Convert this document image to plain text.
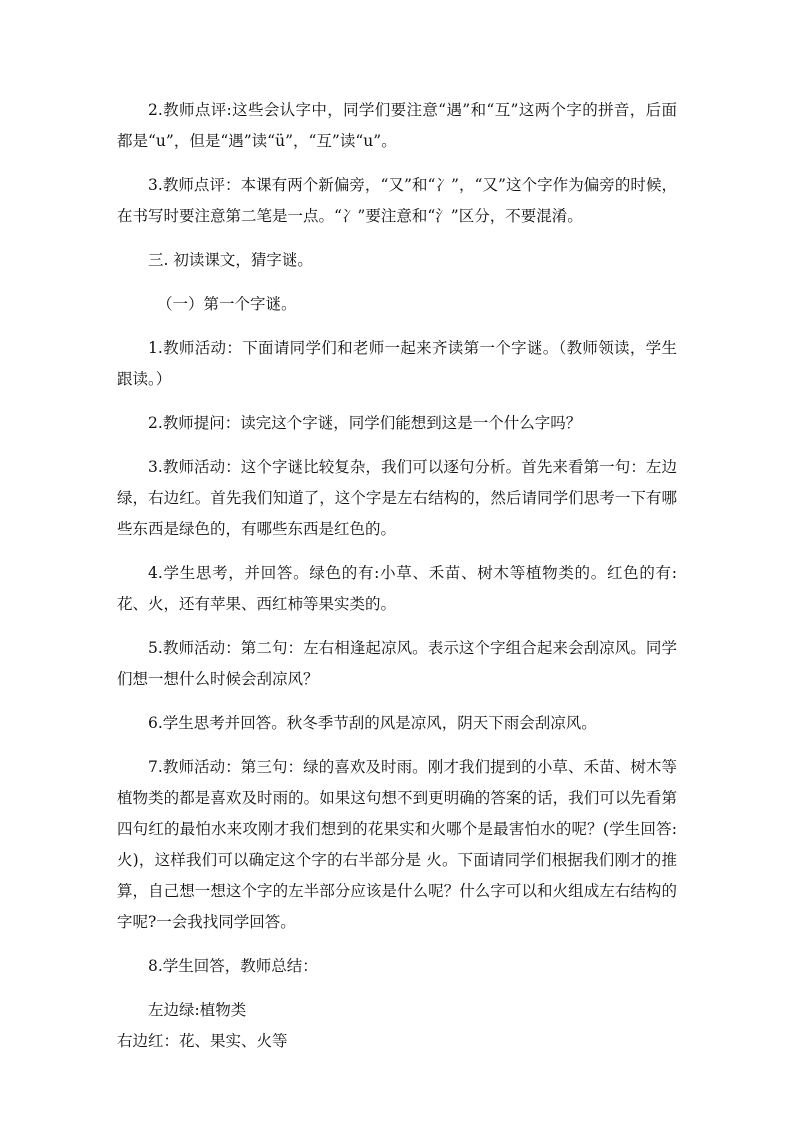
2.教师点评:这些会认字中，同学们要注意“遇”和“互”这两个字的拼音，后面都是“u”，但是“遇”读“ü”，“互”读“u”。

3.教师点评：本课有两个新偏旁，“又”和“冫”，“又”这个字作为偏旁的时候，在书写时要注意第二笔是一点。“冫”要注意和“氵”区分，不要混淆。

三. 初读课文，猜字谜。

（一）第一个字谜。

1.教师活动：下面请同学们和老师一起来齐读第一个字谜。（教师领读，学生跟读。）

2.教师提问：读完这个字谜，同学们能想到这是一个什么字吗？

3.教师活动：这个字谜比较复杂，我们可以逐句分析。首先来看第一句：左边绿，右边红。首先我们知道了，这个字是左右结构的，然后请同学们思考一下有哪些东西是绿色的，有哪些东西是红色的。

4.学生思考，并回答。绿色的有:小草、禾苗、树木等植物类的。红色的有:花、火，还有苹果、西红柿等果实类的。

5.教师活动：第二句：左右相逢起凉风。表示这个字组合起来会刮凉风。同学们想一想什么时候会刮凉风？

6.学生思考并回答。秋冬季节刮的风是凉风，阴天下雨会刮凉风。

7.教师活动：第三句：绿的喜欢及时雨。刚才我们提到的小草、禾苗、树木等植物类的都是喜欢及时雨的。如果这句想不到更明确的答案的话，我们可以先看第四句红的最怕水来攻刚才我们想到的花果实和火哪个是最害怕水的呢？(学生回答:火)，这样我们可以确定这个字的右半部分是 火。下面请同学们根据我们刚才的推算，自己想一想这个字的左半部分应该是什么呢？什么字可以和火组成左右结构的字呢?一会我找同学回答。

8.学生回答，教师总结：

左边绿:植物类
右边红：花、果实、火等
